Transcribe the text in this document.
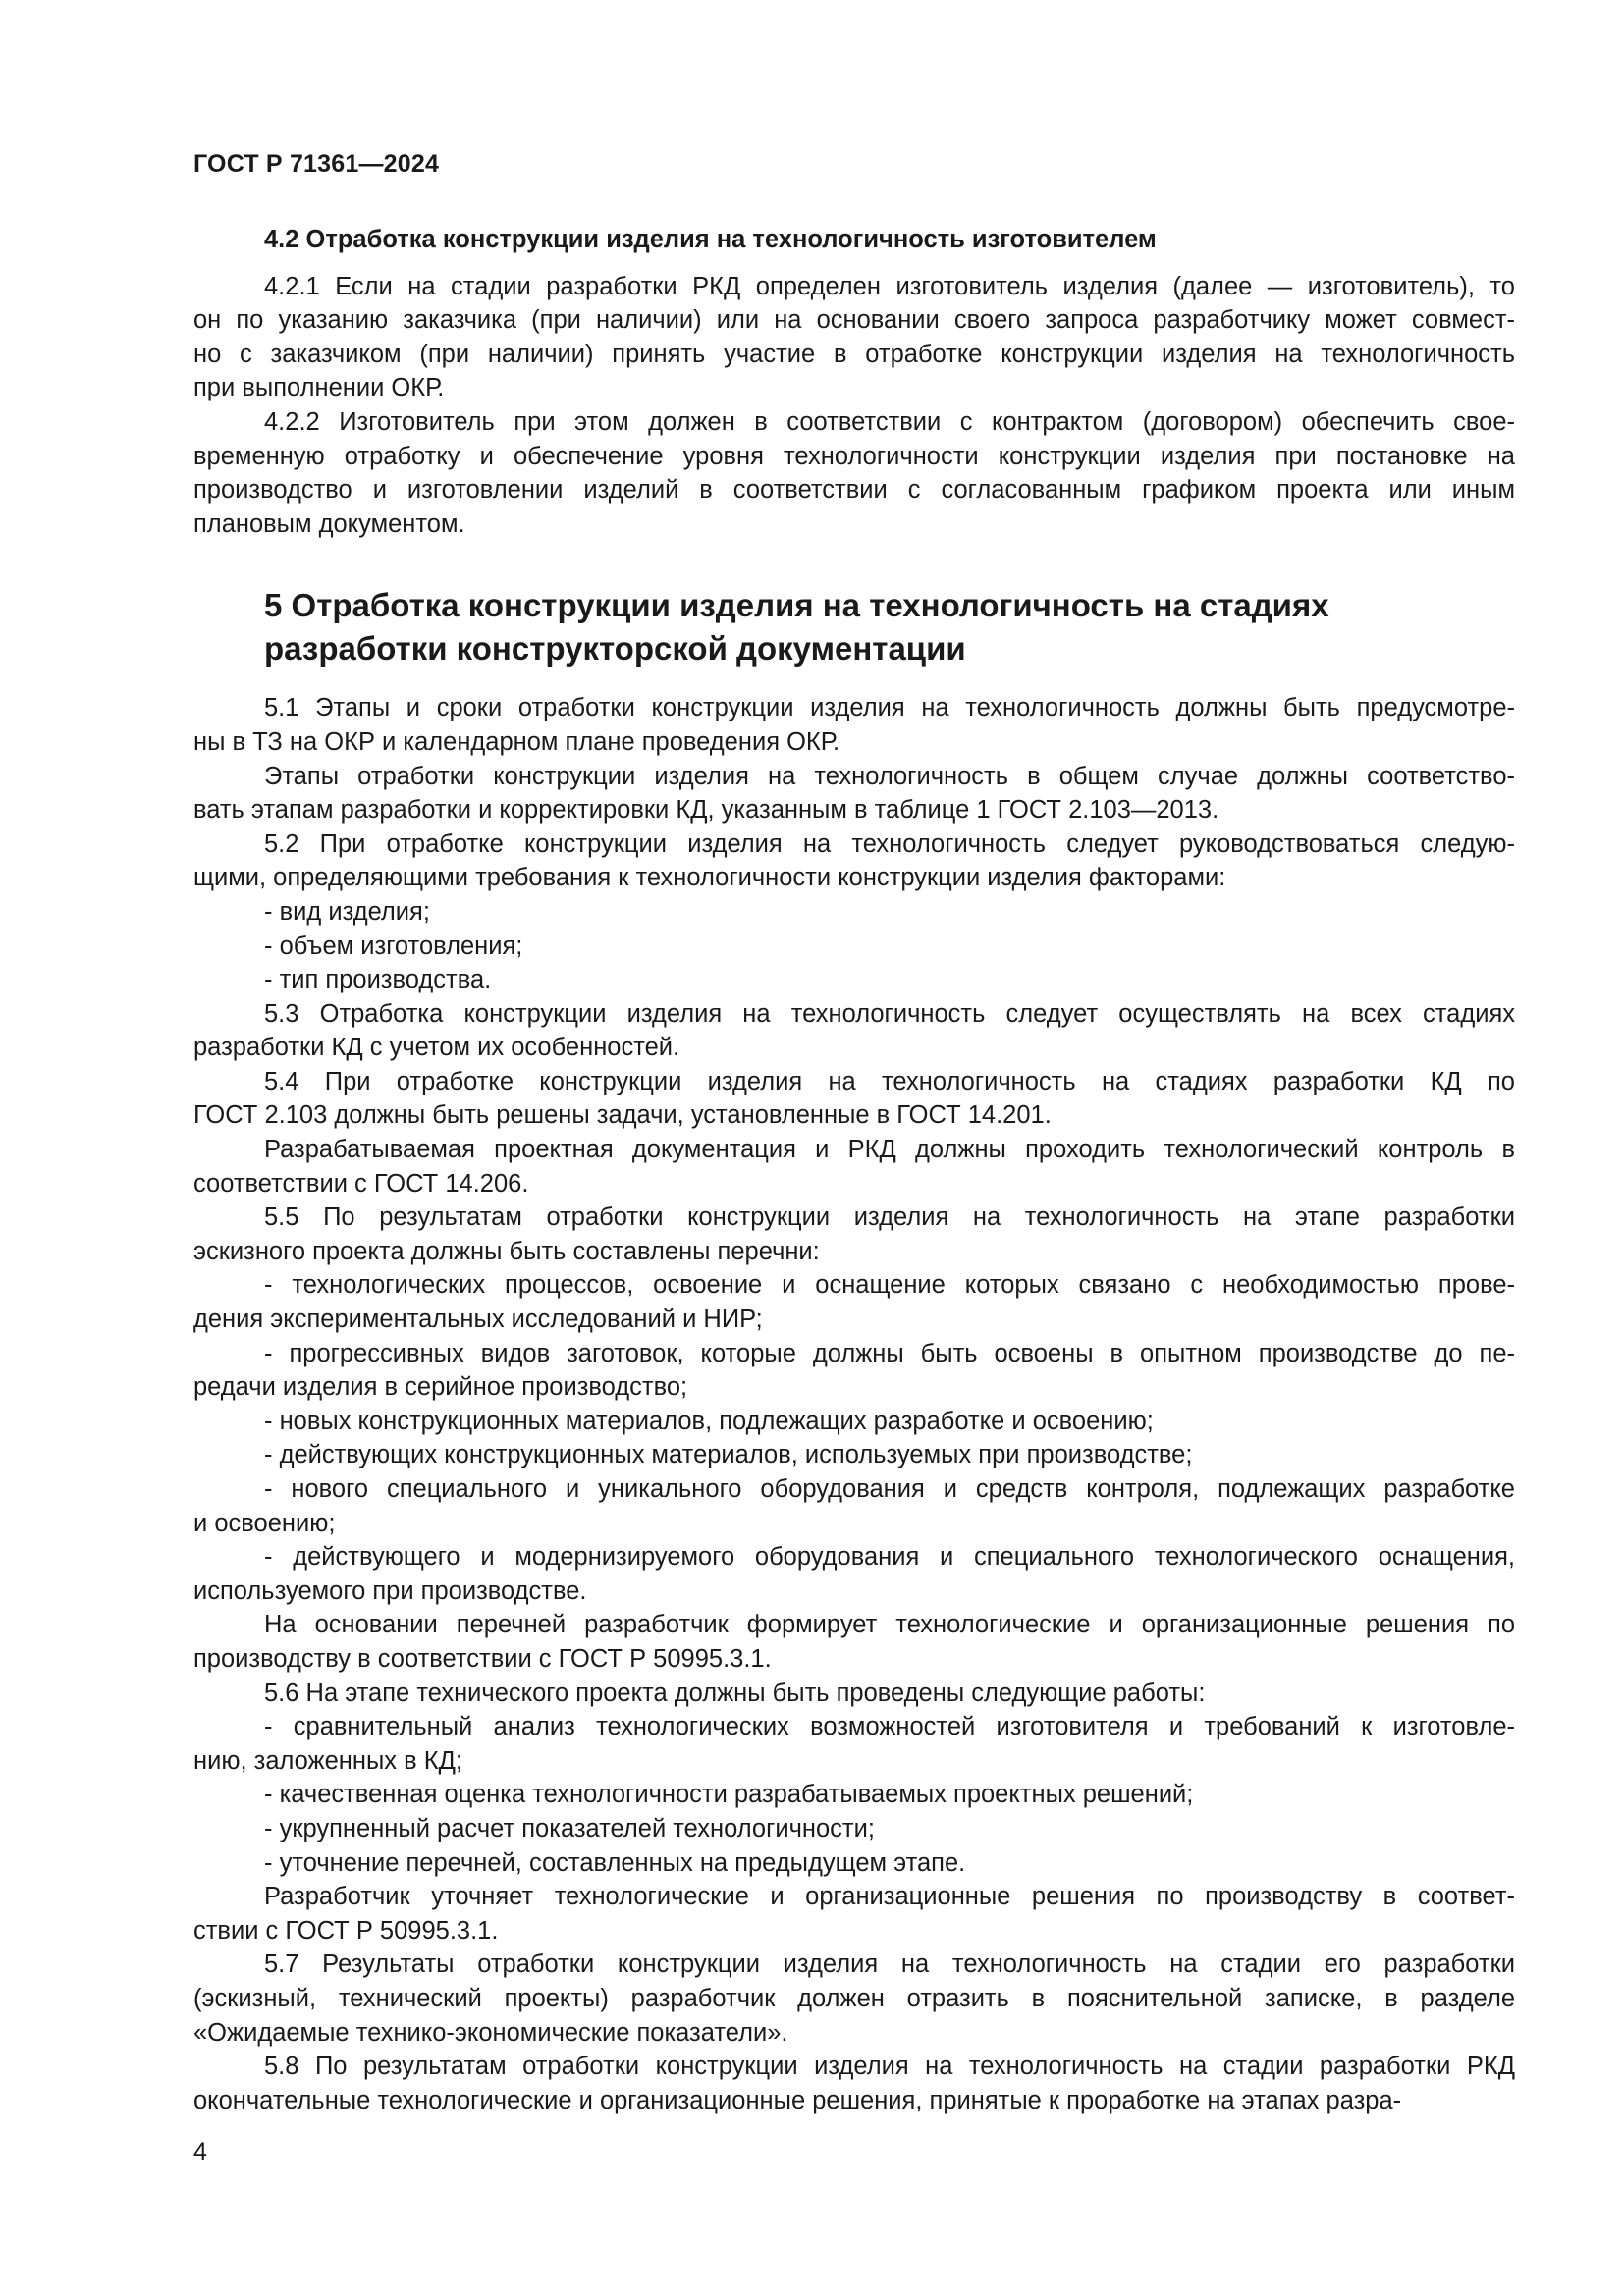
ГОСТ Р 71361—2024
4.2 Отработка конструкции изделия на технологичность изготовителем
4.2.1 Если на стадии разработки РКД определен изготовитель изделия (далее — изготовитель), то
он по указанию заказчика (при наличии) или на основании своего запроса разработчику может совмест-
но с заказчиком (при наличии) принять участие в отработке конструкции изделия на технологичность
при выполнении ОКР.
4.2.2 Изготовитель при этом должен в соответствии с контрактом (договором) обеспечить свое-
временную отработку и обеспечение уровня технологичности конструкции изделия при постановке на
производство и изготовлении изделий в соответствии с согласованным графиком проекта или иным
плановым документом.
5 Отработка конструкции изделия на технологичность на стадиях
разработки конструкторской документации
5.1 Этапы и сроки отработки конструкции изделия на технологичность должны быть предусмотре-
ны в ТЗ на ОКР и календарном плане проведения ОКР.
Этапы отработки конструкции изделия на технологичность в общем случае должны соответство-
вать этапам разработки и корректировки КД, указанным в таблице 1 ГОСТ 2.103—2013.
5.2 При отработке конструкции изделия на технологичность следует руководствоваться следую-
щими, определяющими требования к технологичности конструкции изделия факторами:
- вид изделия;
- объем изготовления;
- тип производства.
5.3 Отработка конструкции изделия на технологичность следует осуществлять на всех стадиях
разработки КД с учетом их особенностей.
5.4 При отработке конструкции изделия на технологичность на стадиях разработки КД по
ГОСТ 2.103 должны быть решены задачи, установленные в ГОСТ 14.201.
Разрабатываемая проектная документация и РКД должны проходить технологический контроль в
соответствии с ГОСТ 14.206.
5.5 По результатам отработки конструкции изделия на технологичность на этапе разработки
эскизного проекта должны быть составлены перечни:
- технологических процессов, освоение и оснащение которых связано с необходимостью прове-
дения экспериментальных исследований и НИР;
- прогрессивных видов заготовок, которые должны быть освоены в опытном производстве до пе-
редачи изделия в серийное производство;
- новых конструкционных материалов, подлежащих разработке и освоению;
- действующих конструкционных материалов, используемых при производстве;
- нового специального и уникального оборудования и средств контроля, подлежащих разработке
и освоению;
- действующего и модернизируемого оборудования и специального технологического оснащения,
используемого при производстве.
На основании перечней разработчик формирует технологические и организационные решения по
производству в соответствии с ГОСТ Р 50995.3.1.
5.6 На этапе технического проекта должны быть проведены следующие работы:
- сравнительный анализ технологических возможностей изготовителя и требований к изготовле-
нию, заложенных в КД;
- качественная оценка технологичности разрабатываемых проектных решений;
- укрупненный расчет показателей технологичности;
- уточнение перечней, составленных на предыдущем этапе.
Разработчик уточняет технологические и организационные решения по производству в соответ-
ствии с ГОСТ Р 50995.3.1.
5.7 Результаты отработки конструкции изделия на технологичность на стадии его разработки
(эскизный, технический проекты) разработчик должен отразить в пояснительной записке, в разделе
«Ожидаемые технико-экономические показатели».
5.8 По результатам отработки конструкции изделия на технологичность на стадии разработки РКД
окончательные технологические и организационные решения, принятые к проработке на этапах разра-
4
